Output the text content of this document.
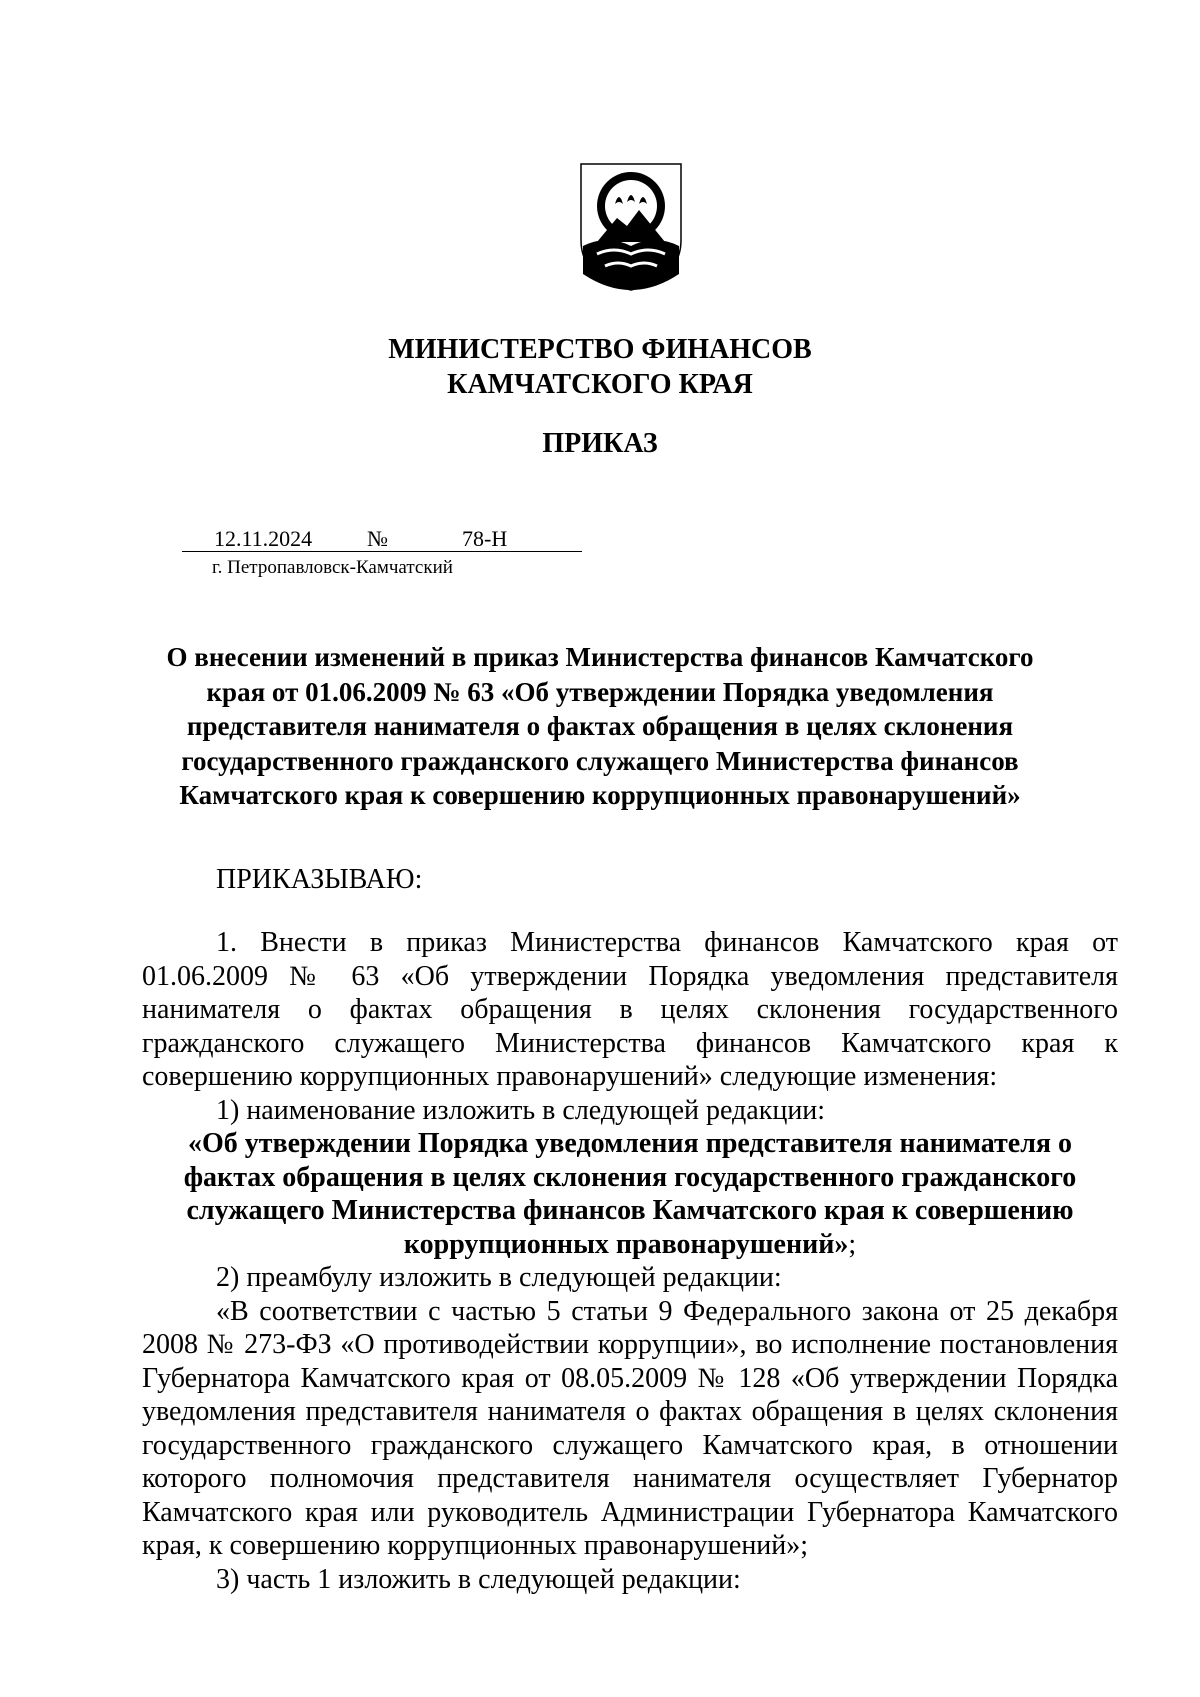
МИНИСТЕРСТВО ФИНАНСОВ
КАМЧАТСКОГО КРАЯ
ПРИКАЗ
12.11.2024 №	78-Н
г. Петропавловск-Камчатский
О внесении изменений в приказ Министерства финансов Камчатского края от 01.06.2009 № 63 «Об утверждении Порядка уведомления представителя нанимателя о фактах обращения в целях склонения государственного гражданского служащего Министерства финансов Камчатского края к совершению коррупционных правонарушений»
ПРИКАЗЫВАЮ:

1. Внести в приказ Министерства финансов Камчатского края от 01.06.2009 № 63 «Об утверждении Порядка уведомления представителя нанимателя о фактах обращения в целях склонения государственного гражданского служащего Министерства финансов Камчатского края к совершению коррупционных правонарушений» следующие изменения:

1) наименование изложить в следующей редакции:

«Об утверждении Порядка уведомления представителя нанимателя о фактах обращения в целях склонения государственного гражданского служащего Министерства финансов Камчатского края к совершению коррупционных правонарушений»;

2) преамбулу изложить в следующей редакции:

«В соответствии с частью 5 статьи 9 Федерального закона от 25 декабря 2008 № 273-ФЗ «О противодействии коррупции», во исполнение постановления Губернатора Камчатского края от 08.05.2009 № 128 «Об утверждении Порядка уведомления представителя нанимателя о фактах обращения в целях склонения государственного гражданского служащего Камчатского края, в отношении которого полномочия представителя нанимателя осуществляет Губернатор Камчатского края или руководитель Администрации Губернатора Камчатского края, к совершению коррупционных правонарушений»;

3) часть 1 изложить в следующей редакции:
